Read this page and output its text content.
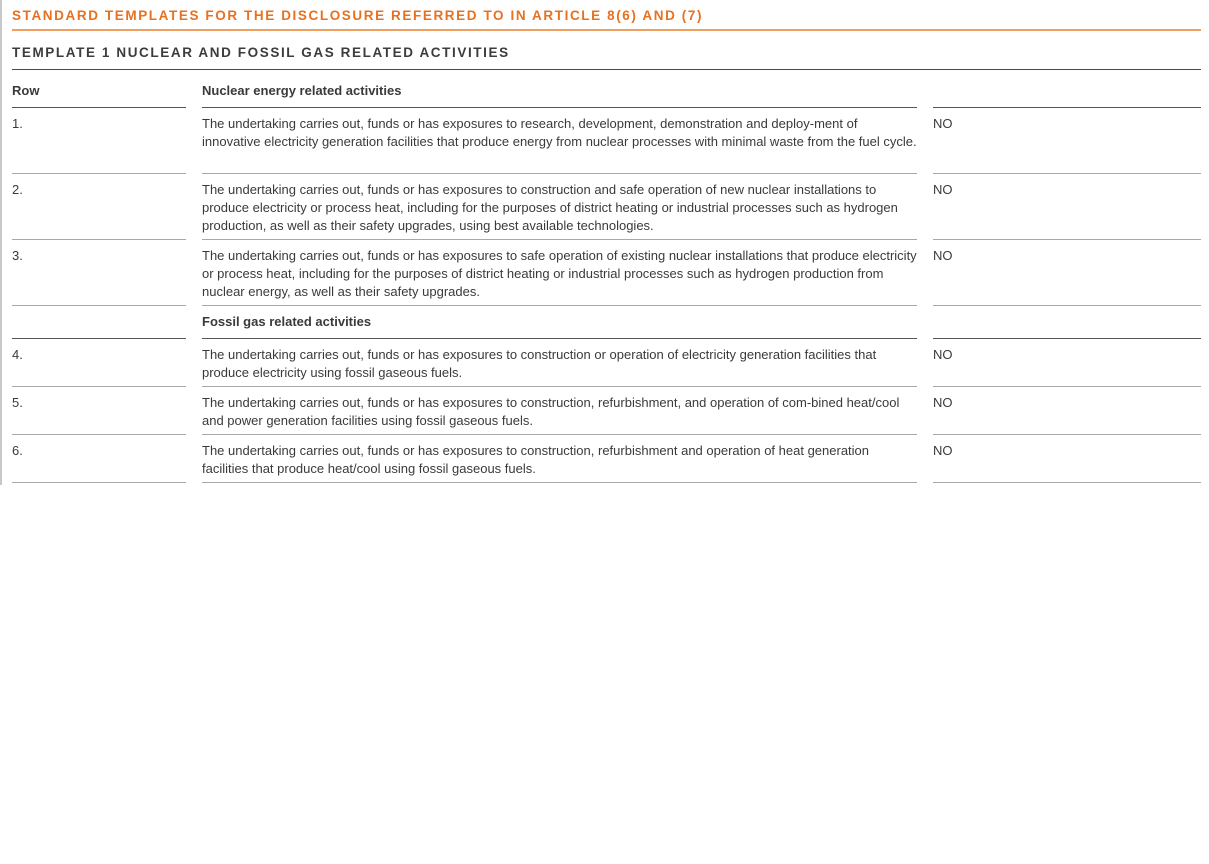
STANDARD TEMPLATES FOR THE DISCLOSURE REFERRED TO IN ARTICLE 8(6) AND (7)
TEMPLATE 1 NUCLEAR AND FOSSIL GAS RELATED ACTIVITIES
Row	Nuclear energy related activities
1.	The undertaking carries out, funds or has exposures to research, development, demonstration and deploy-ment of innovative electricity generation facilities that produce energy from nuclear processes with minimal waste from the fuel cycle.
NO
2.	The undertaking carries out, funds or has exposures to construction and safe operation of new nuclear installations to produce electricity or process heat, including for the purposes of district heating or industrial processes such as hydrogen production, as well as their safety upgrades, using best available technologies.
NO
3.	The undertaking carries out, funds or has exposures to safe operation of existing nuclear installations that produce electricity or process heat, including for the purposes of district heating or industrial processes such as hydrogen production from nuclear energy, as well as their safety upgrades.
NO
Fossil gas related activities
4.	The undertaking carries out, funds or has exposures to construction or operation of electricity generation facilities that produce electricity using fossil gaseous fuels.
NO
5.	The undertaking carries out, funds or has exposures to construction, refurbishment, and operation of com-bined heat/cool and power generation facilities using fossil gaseous fuels.
NO
6.	The undertaking carries out, funds or has exposures to construction, refurbishment and operation of heat generation facilities that produce heat/cool using fossil gaseous fuels.
NO
